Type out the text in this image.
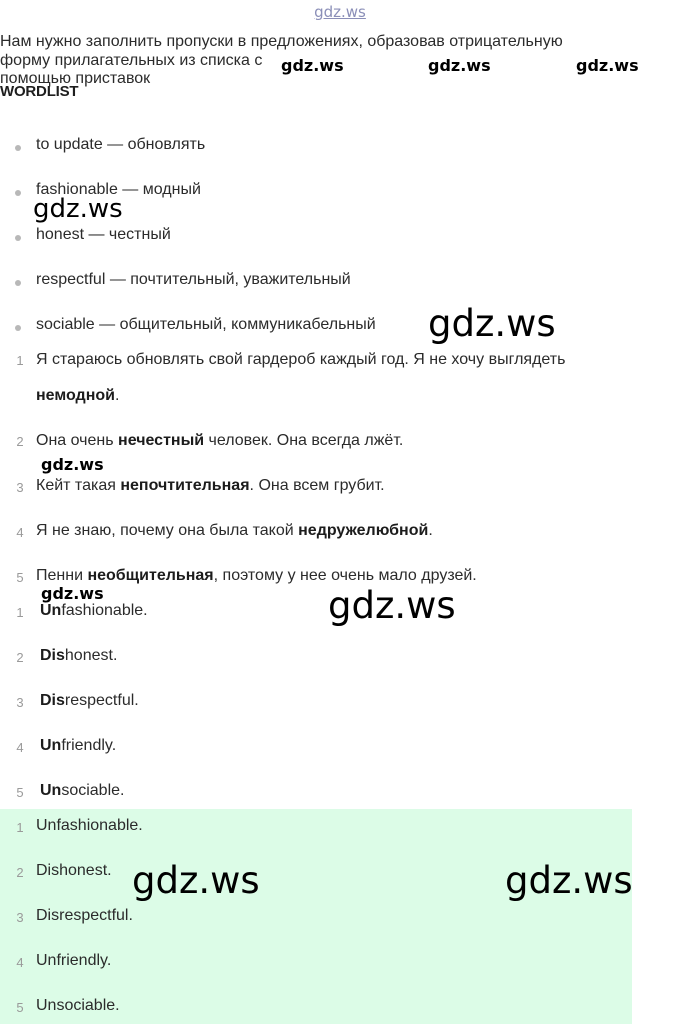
gdz.ws
Нам нужно заполнить пропуски в предложениях, образовав отрицательную
форму прилагательных из списка с помощью приставок
WORDLIST
to update — обновлять
fashionable — модный
honest — честный
respectful — почтительный, уважительный
sociable — общительный, коммуникабельный
1 Я стараюсь обновлять свой гардероб каждый год. Я не хочу выглядеть
немодной.
2 Она очень нечестный человек. Она всегда лжёт.
3 Кейт такая непочтительная. Она всем грубит.
4 Я не знаю, почему она была такой недружелюбной.
5 Пенни необщительная, поэтому у нее очень мало друзей.
1 Unfashionable.
2 Dishonest.
3 Disrespectful.
4 Unfriendly.
5 Unsociable.
1 Unfashionable.
2 Dishonest.
3 Disrespectful.
4 Unfriendly.
5 Unsociable.
gdz.ws	gdz.ws	gdz.ws
gdz.ws
gdz.ws
gdz.ws
gdz.ws	gdz.ws
gdz.ws	gdz.ws
